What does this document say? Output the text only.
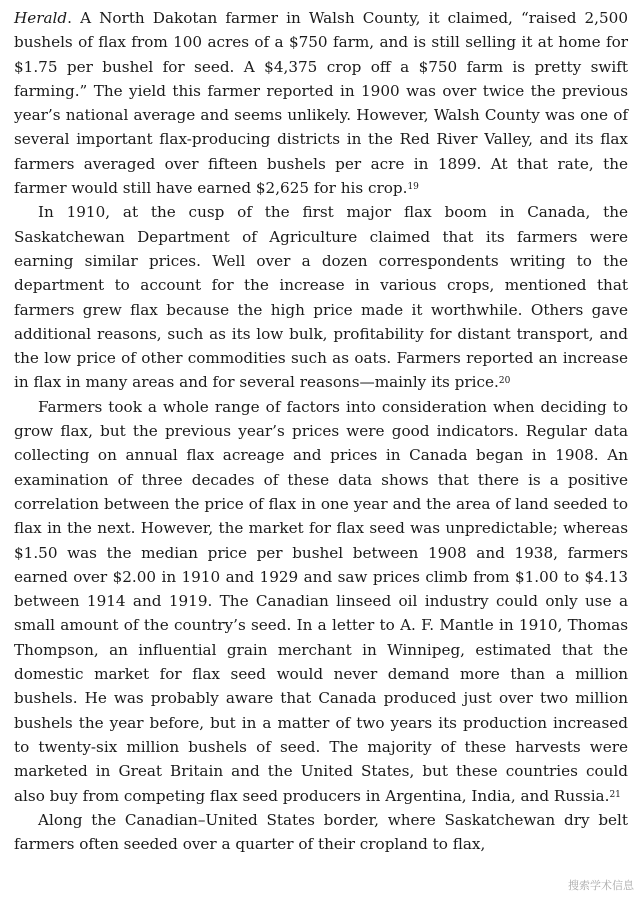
Herald. A North Dakotan farmer in Walsh County, it claimed, “raised 2,500 bushels of flax from 100 acres of a $750 farm, and is still selling it at home for $1.75 per bushel for seed. A $4,375 crop off a $750 farm is pretty swift farming.” The yield this farmer reported in 1900 was over twice the previous year’s national average and seems unlikely. However, Walsh County was one of several important flax-producing districts in the Red River Valley, and its flax farmers averaged over fifteen bushels per acre in 1899. At that rate, the farmer would still have earned $2,625 for his crop.$^{19}$

In 1910, at the cusp of the first major flax boom in Canada, the Saskatchewan Department of Agriculture claimed that its farmers were earning similar prices. Well over a dozen correspondents writing to the department to account for the increase in various crops, mentioned that farmers grew flax because the high price made it worthwhile. Others gave additional reasons, such as its low bulk, profitability for distant transport, and the low price of other commodities such as oats. Farmers reported an increase in flax in many areas and for several reasons—mainly its price.$^{20}$

Farmers took a whole range of factors into consideration when deciding to grow flax, but the previous year’s prices were good indicators. Regular data collecting on annual flax acreage and prices in Canada began in 1908. An examination of three decades of these data shows that there is a positive correlation between the price of flax in one year and the area of land seeded to flax in the next. However, the market for flax seed was unpredictable; whereas $1.50 was the median price per bushel between 1908 and 1938, farmers earned over $2.00 in 1910 and 1929 and saw prices climb from $1.00 to $4.13 between 1914 and 1919. The Canadian linseed oil industry could only use a small amount of the country’s seed. In a letter to A. F. Mantle in 1910, Thomas Thompson, an influential grain merchant in Winnipeg, estimated that the domestic market for flax seed would never demand more than a million bushels. He was probably aware that Canada produced just over two million bushels the year before, but in a matter of two years its production increased to twenty-six million bushels of seed. The majority of these harvests were marketed in Great Britain and the United States, but these countries could also buy from competing flax seed producers in Argentina, India, and Russia.$^{21}$

Along the Canadian–United States border, where Saskatchewan dry belt farmers often seeded over a quarter of their cropland to flax,

搜索学术信息
